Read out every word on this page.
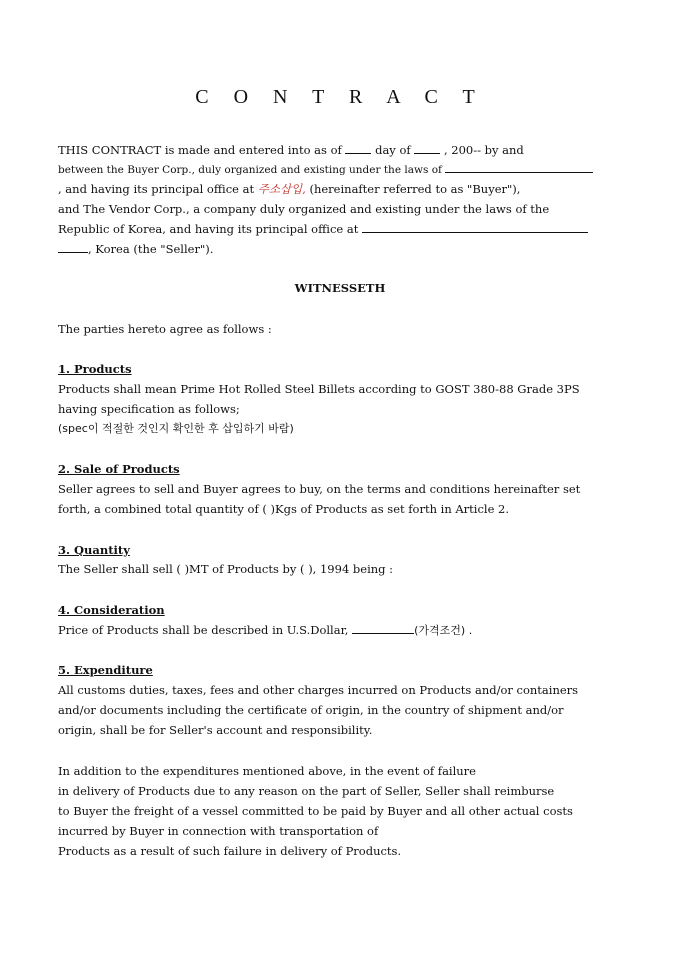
C O N T R A C T
THIS CONTRACT is made and entered into as of	day of	, 200-- by and
between the Buyer Corp., duly organized and existing under the laws of
, and having its principal office at 주소삽입, (hereinafter referred to as "Buyer"),
and The Vendor Corp., a company duly organized and existing under the laws of the
Republic of Korea, and having its principal office at
, Korea (the "Seller").
WITNESSETH
The parties hereto agree as follows :
1. Products
Products shall mean Prime Hot Rolled Steel Billets according to GOST 380-88 Grade 3PS
having specification as follows;
(spec이 적절한 것인지 확인한 후 삽입하기 바람)
2. Sale of Products
Seller agrees to sell and Buyer agrees to buy, on the terms and conditions hereinafter set
forth, a combined total quantity of ( )Kgs of Products as set forth in Article 2.
3. Quantity
The Seller shall sell ( )MT of Products by ( ), 1994 being :
4. Consideration
Price of Products shall be described in U.S.Dollar,	(가격조건) .
5. Expenditure
All customs duties, taxes, fees and other charges incurred on Products and/or containers
and/or documents including the certificate of origin, in the country of shipment and/or
origin, shall be for Seller's account and responsibility.
In addition to the expenditures mentioned above, in the event of failure
in delivery of Products due to any reason on the part of Seller, Seller shall reimburse
to Buyer the freight of a vessel committed to be paid by Buyer and all other actual costs
incurred by Buyer in connection with transportation of
Products as a result of such failure in delivery of Products.
